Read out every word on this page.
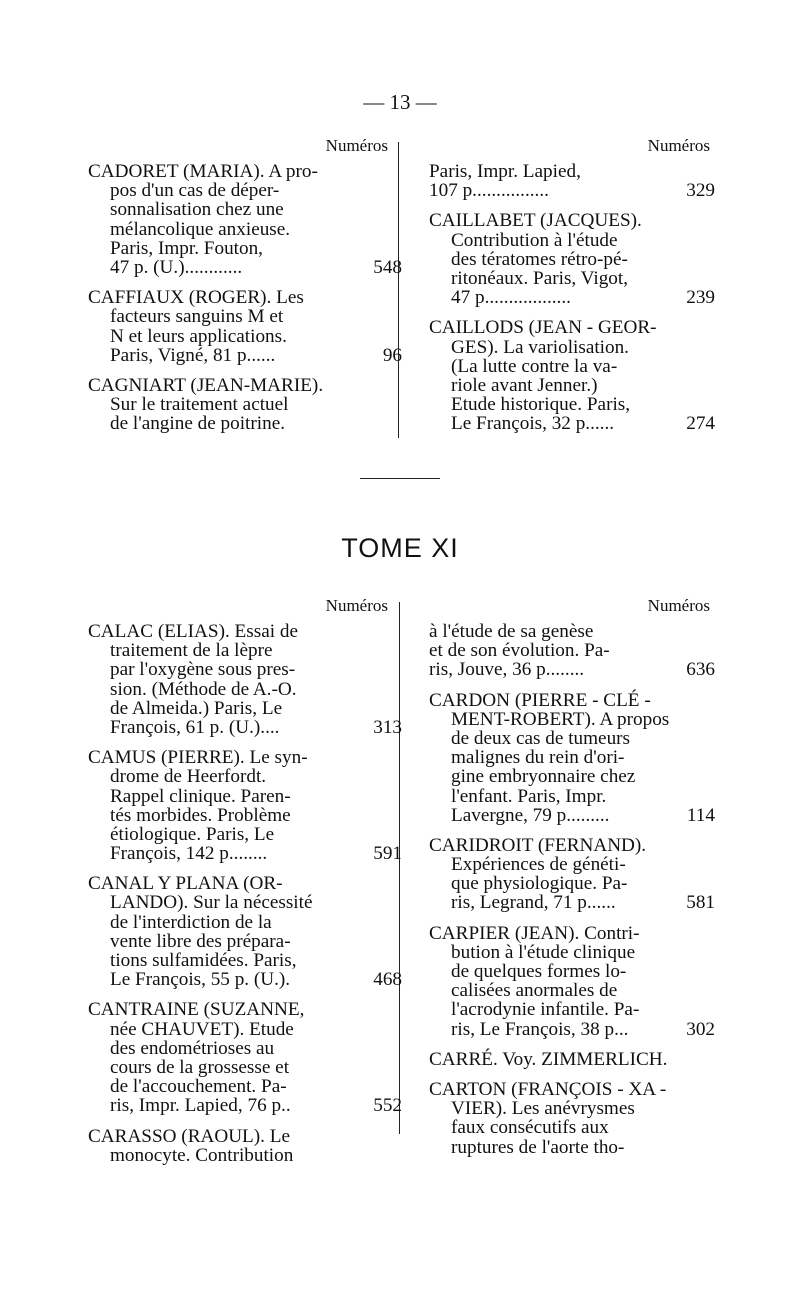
— 13 —
Numéros	Numéros
CADORET (MARIA). A pro-
pos d'un cas de déper-
sonnalisation chez une
mélancolique anxieuse.
Paris, Impr. Fouton,
47 p. (U.)............	548
CAFFIAUX (ROGER). Les
facteurs sanguins M et
N et leurs applications.
Paris, Vigné, 81 p......	96
CAGNIART (JEAN-MARIE).
Sur le traitement actuel
de l'angine de poitrine.
Paris, Impr. Lapied,
107 p................	329
CAILLABET (JACQUES).
Contribution à l'étude
des tératomes rétro-pé-
ritonéaux. Paris, Vigot,
47 p..................	239
CAILLODS (JEAN - GEOR-
GES). La variolisation.
(La lutte contre la va-
riole avant Jenner.)
Etude historique. Paris,
Le François, 32 p......	274
TOME XI
Numéros	Numéros
CALAC (ELIAS). Essai de
traitement de la lèpre
par l'oxygène sous pres-
sion. (Méthode de A.-O.
de Almeida.) Paris, Le
François, 61 p. (U.)....	313
CAMUS (PIERRE). Le syn-
drome de Heerfordt.
Rappel clinique. Paren-
tés morbides. Problème
étiologique. Paris, Le
François, 142 p........	591
CANAL Y PLANA (OR-
LANDO). Sur la nécessité
de l'interdiction de la
vente libre des prépara-
tions sulfamidées. Paris,
Le François, 55 p. (U.).	468
CANTRAINE (SUZANNE,
née CHAUVET). Etude
des endométrioses au
cours de la grossesse et
de l'accouchement. Pa-
ris, Impr. Lapied, 76 p..	552
CARASSO (RAOUL). Le
monocyte. Contribution
à l'étude de sa genèse
et de son évolution. Pa-
ris, Jouve, 36 p........	636
CARDON (PIERRE - CLÉ -
MENT-ROBERT). A propos
de deux cas de tumeurs
malignes du rein d'ori-
gine embryonnaire chez
l'enfant. Paris, Impr.
Lavergne, 79 p.........	114
CARIDROIT (FERNAND).
Expériences de généti-
que physiologique. Pa-
ris, Legrand, 71 p......	581
CARPIER (JEAN). Contri-
bution à l'étude clinique
de quelques formes lo-
calisées anormales de
l'acrodynie infantile. Pa-
ris, Le François, 38 p...	302
CARRÉ. Voy. ZIMMERLICH.
CARTON (FRANÇOIS - XA -
VIER). Les anévrysmes
faux consécutifs aux
ruptures de l'aorte tho-
